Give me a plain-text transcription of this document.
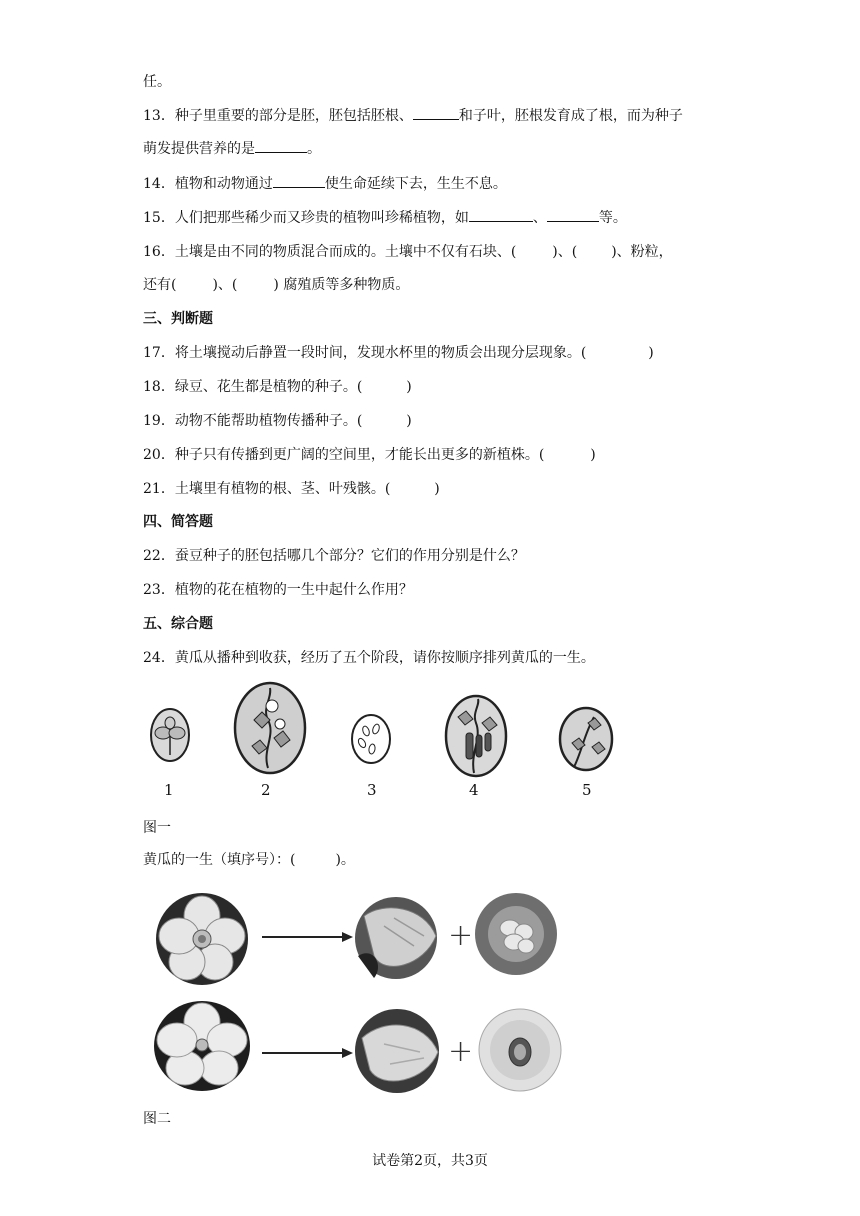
任。
13．种子里重要的部分是胚，胚包括胚根、	和子叶，胚根发育成了根，而为种子
萌发提供营养的是	。
14．植物和动物通过	使生命延续下去，生生不息。
15．人们把那些稀少而又珍贵的植物叫珍稀植物，如	、	等。
16．土壤是由不同的物质混合而成的。土壤中不仅有石块、(	)、( )、粉粒，
还有(	)、(	) 腐殖质等多种物质。
三、判断题
17．将土壤搅动后静置一段时间，发现水杯里的物质会出现分层现象。(	)
18．绿豆、花生都是植物的种子。(	)
19．动物不能帮助植物传播种子。(	)
20．种子只有传播到更广阔的空间里，才能长出更多的新植株。(	)
21．土壤里有植物的根、茎、叶残骸。(	)
四、简答题
22．蚕豆种子的胚包括哪几个部分？它们的作用分别是什么？
23．植物的花在植物的一生中起什么作用？
五、综合题
24．黄瓜从播种到收获，经历了五个阶段，请你按顺序排列黄瓜的一生。
1	2	3	4	5
图一
黄瓜的一生（填序号）：(	)。
+
+
图二
试卷第2页，共3页
